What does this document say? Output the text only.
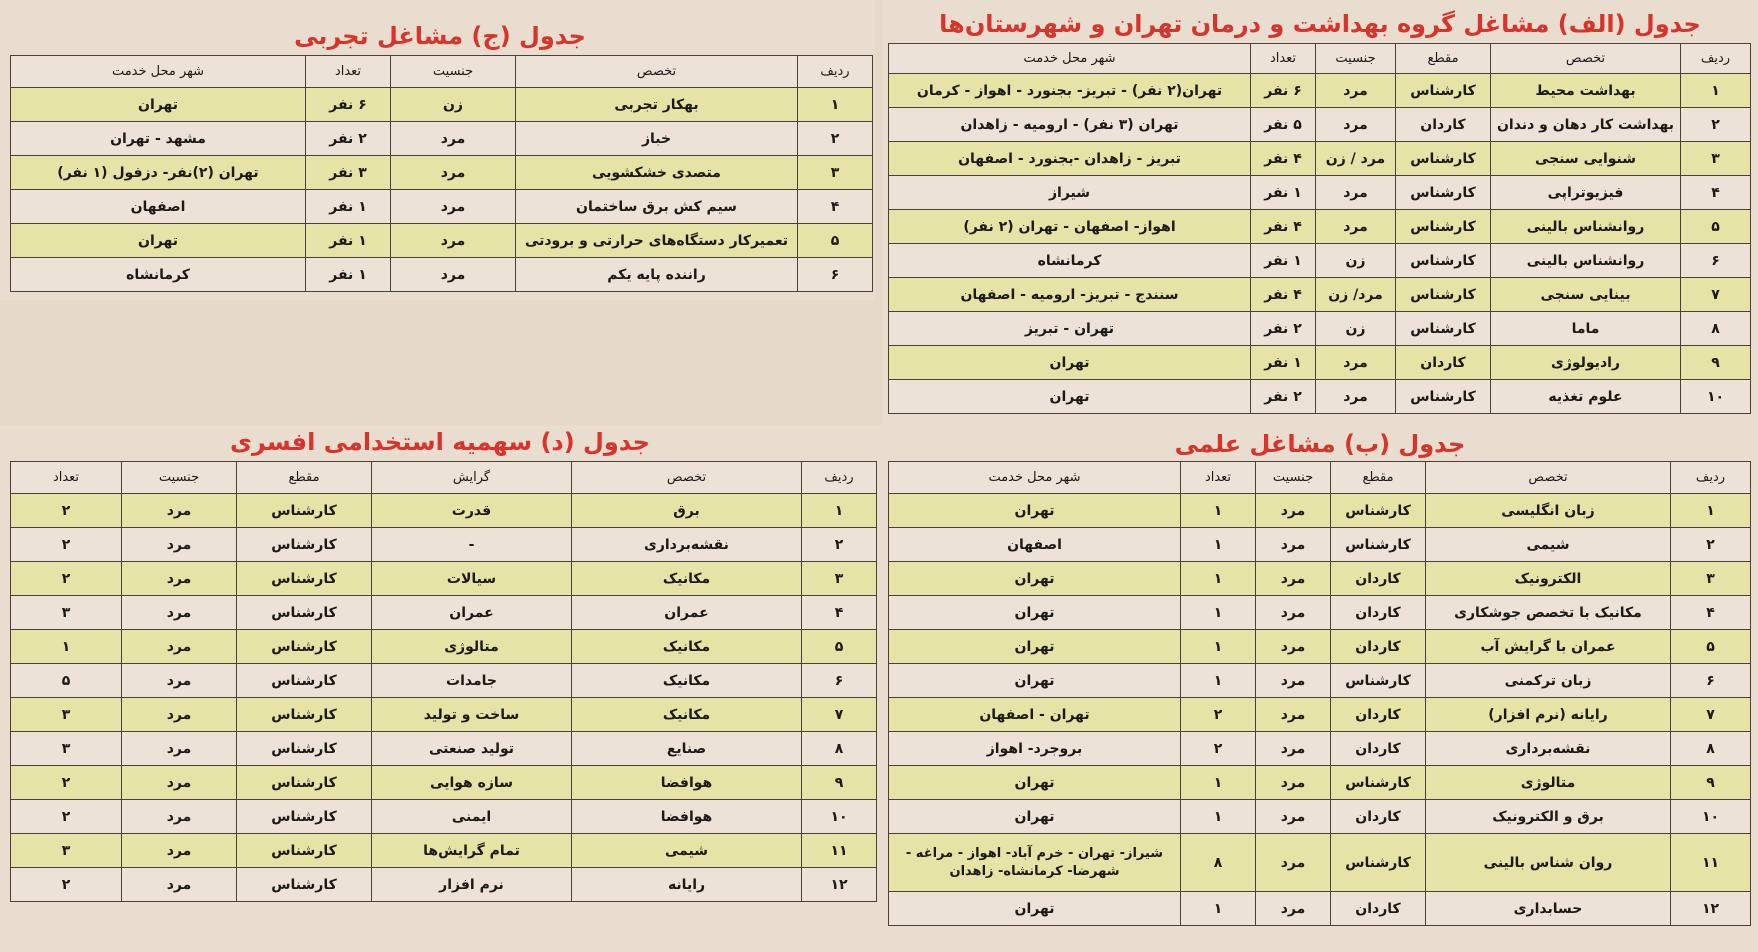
جدول (الف) مشاغل گروه بهداشت و درمان تهران و شهرستان‌ها
جدول (ج) مشاغل تجربی
جدول (ب) مشاغل علمی
جدول (د) سهمیه استخدامی افسری
ردیف	تخصص	مقطع	جنسیت	تعداد	شهر محل خدمت
۱	بهداشت محیط	کارشناس	مرد	۶ نفر	تهران(۲ نفر) - تبریز- بجنورد - اهواز - کرمان
۲	بهداشت کار دهان و دندان	کاردان	مرد	۵ نفر	تهران (۳ نفر) - ارومیه - زاهدان
۳	شنوایی سنجی	کارشناس	مرد / زن	۴ نفر	تبریز - زاهدان -بجنورد - اصفهان
۴	فیزیوتراپی	کارشناس	مرد	۱ نفر	شیراز
۵	روانشناس بالینی	کارشناس	مرد	۴ نفر	اهواز- اصفهان - تهران (۲ نفر)
۶	روانشناس بالینی	کارشناس	زن	۱ نفر	کرمانشاه
۷	بینایی سنجی	کارشناس	مرد/ زن	۴ نفر	سنندج - تبریز- ارومیه - اصفهان
۸	ماما	کارشناس	زن	۲ نفر	تهران - تبریز
۹	رادیولوژی	کاردان	مرد	۱ نفر	تهران
۱۰	علوم تغذیه	کارشناس	مرد	۲ نفر	تهران
ردیف	تخصص	جنسیت	تعداد	شهر محل خدمت
۱	بهکار تجربی	زن	۶ نفر	تهران
۲	خباز	مرد	۲ نفر	مشهد - تهران
۳	متصدی خشکشویی	مرد	۳ نفر	تهران (۲)نفر- دزفول (۱ نفر)
۴	سیم کش برق ساختمان	مرد	۱ نفر	اصفهان
۵	تعمیرکار دستگاه‌های حرارتی و برودتی	مرد	۱ نفر	تهران
۶	راننده پایه یکم	مرد	۱ نفر	کرمانشاه
ردیف	تخصص	مقطع	جنسیت	تعداد	شهر محل خدمت
۱	زبان انگلیسی	کارشناس	مرد	۱	تهران
۲	شیمی	کارشناس	مرد	۱	اصفهان
۳	الکترونیک	کاردان	مرد	۱	تهران
۴	مکانیک با تخصص جوشکاری	کاردان	مرد	۱	تهران
۵	عمران با گرایش آب	کاردان	مرد	۱	تهران
۶	زبان ترکمنی	کارشناس	مرد	۱	تهران
۷	رایانه (نرم افزار)	کاردان	مرد	۲	تهران - اصفهان
۸	نقشه‌برداری	کاردان	مرد	۲	بروجرد- اهواز
۹	متالوژی	کارشناس	مرد	۱	تهران
۱۰	برق و الکترونیک	کاردان	مرد	۱	تهران
۱۱	روان شناس بالینی	کارشناس	مرد	۸	شیراز- تهران - خرم آباد- اهواز - مراغه - شهرضا- کرمانشاه- زاهدان
۱۲	حسابداری	کاردان	مرد	۱	تهران
ردیف	تخصص	گرایش	مقطع	جنسیت	تعداد
۱	برق	قدرت	کارشناس	مرد	۲
۲	نقشه‌برداری	-	کارشناس	مرد	۲
۳	مکانیک	سیالات	کارشناس	مرد	۲
۴	عمران	عمران	کارشناس	مرد	۳
۵	مکانیک	متالوژی	کارشناس	مرد	۱
۶	مکانیک	جامدات	کارشناس	مرد	۵
۷	مکانیک	ساخت و تولید	کارشناس	مرد	۳
۸	صنایع	تولید صنعتی	کارشناس	مرد	۳
۹	هوافضا	سازه هوایی	کارشناس	مرد	۲
۱۰	هوافضا	ایمنی	کارشناس	مرد	۲
۱۱	شیمی	تمام گرایش‌ها	کارشناس	مرد	۳
۱۲	رایانه	نرم افزار	کارشناس	مرد	۲
